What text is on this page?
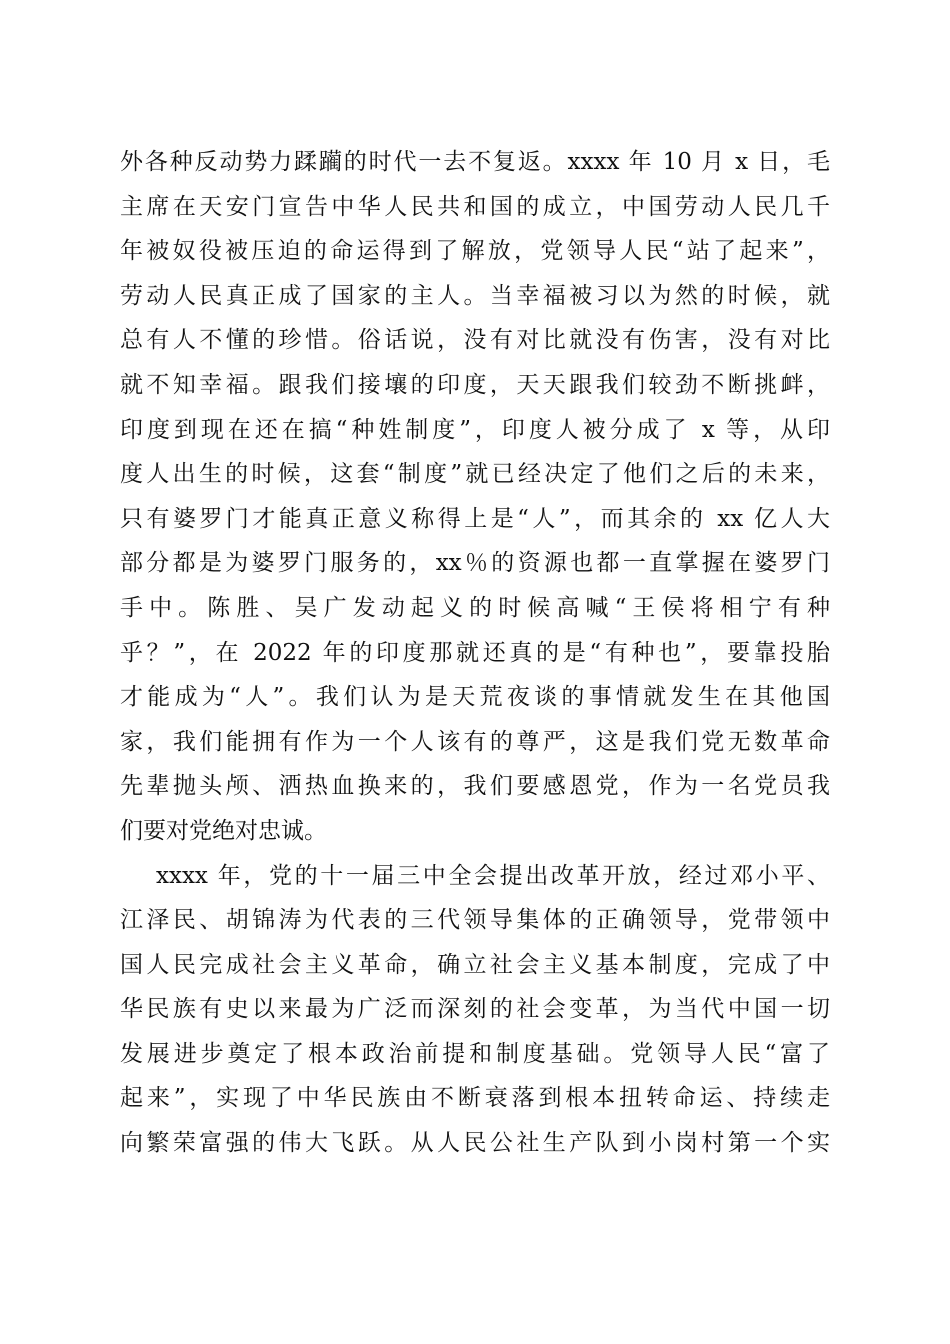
外各种反动势力蹂躏的时代一去不复返。xxxx 年 10 月 x 日，毛
主席在天安门宣告中华人民共和国的成立，中国劳动人民几千
年被奴役被压迫的命运得到了解放，党领导人民“站了起来”，
劳动人民真正成了国家的主人。当幸福被习以为然的时候，就
总有人不懂的珍惜。俗话说，没有对比就没有伤害，没有对比
就不知幸福。跟我们接壤的印度，天天跟我们较劲不断挑衅，
印度到现在还在搞“种姓制度”，印度人被分成了 x 等，从印
度人出生的时候，这套“制度”就已经决定了他们之后的未来，
只有婆罗门才能真正意义称得上是“人”，而其余的 xx 亿人大
部分都是为婆罗门服务的，xx％的资源也都一直掌握在婆罗门
手中。陈胜、吴广发动起义的时候高喊“王侯将相宁有种
乎？”，在 2022 年的印度那就还真的是“有种也”，要靠投胎
才能成为“人”。我们认为是天荒夜谈的事情就发生在其他国
家，我们能拥有作为一个人该有的尊严，这是我们党无数革命
先辈抛头颅、洒热血换来的，我们要感恩党，作为一名党员我
们要对党绝对忠诚。
xxxx 年，党的十一届三中全会提出改革开放，经过邓小平、
江泽民、胡锦涛为代表的三代领导集体的正确领导，党带领中
国人民完成社会主义革命，确立社会主义基本制度，完成了中
华民族有史以来最为广泛而深刻的社会变革，为当代中国一切
发展进步奠定了根本政治前提和制度基础。党领导人民“富了
起来”，实现了中华民族由不断衰落到根本扭转命运、持续走
向繁荣富强的伟大飞跃。从人民公社生产队到小岗村第一个实
